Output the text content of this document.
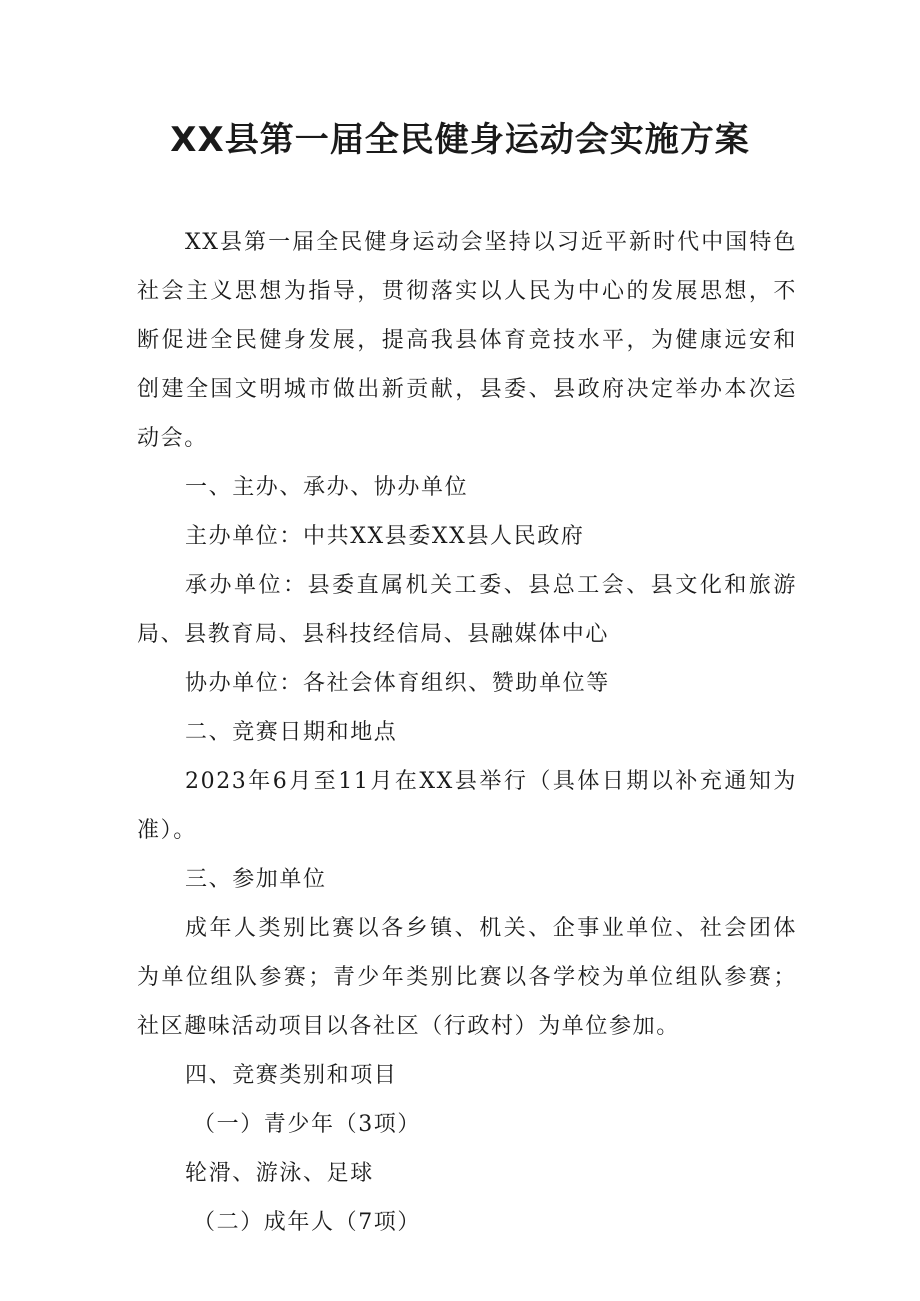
XX县第一届全民健身运动会实施方案

XX县第一届全民健身运动会坚持以习近平新时代中国特色社会主义思想为指导，贯彻落实以人民为中心的发展思想，不断促进全民健身发展，提高我县体育竞技水平，为健康远安和创建全国文明城市做出新贡献，县委、县政府决定举办本次运动会。

一、主办、承办、协办单位

主办单位：中共XX县委XX县人民政府

承办单位：县委直属机关工委、县总工会、县文化和旅游局、县教育局、县科技经信局、县融媒体中心

协办单位：各社会体育组织、赞助单位等

二、竞赛日期和地点

2023年6月至11月在XX县举行（具体日期以补充通知为准）。

三、参加单位

成年人类别比赛以各乡镇、机关、企事业单位、社会团体为单位组队参赛；青少年类别比赛以各学校为单位组队参赛；社区趣味活动项目以各社区（行政村）为单位参加。

四、竞赛类别和项目

（一）青少年（3项）

轮滑、游泳、足球

（二）成年人（7项）
